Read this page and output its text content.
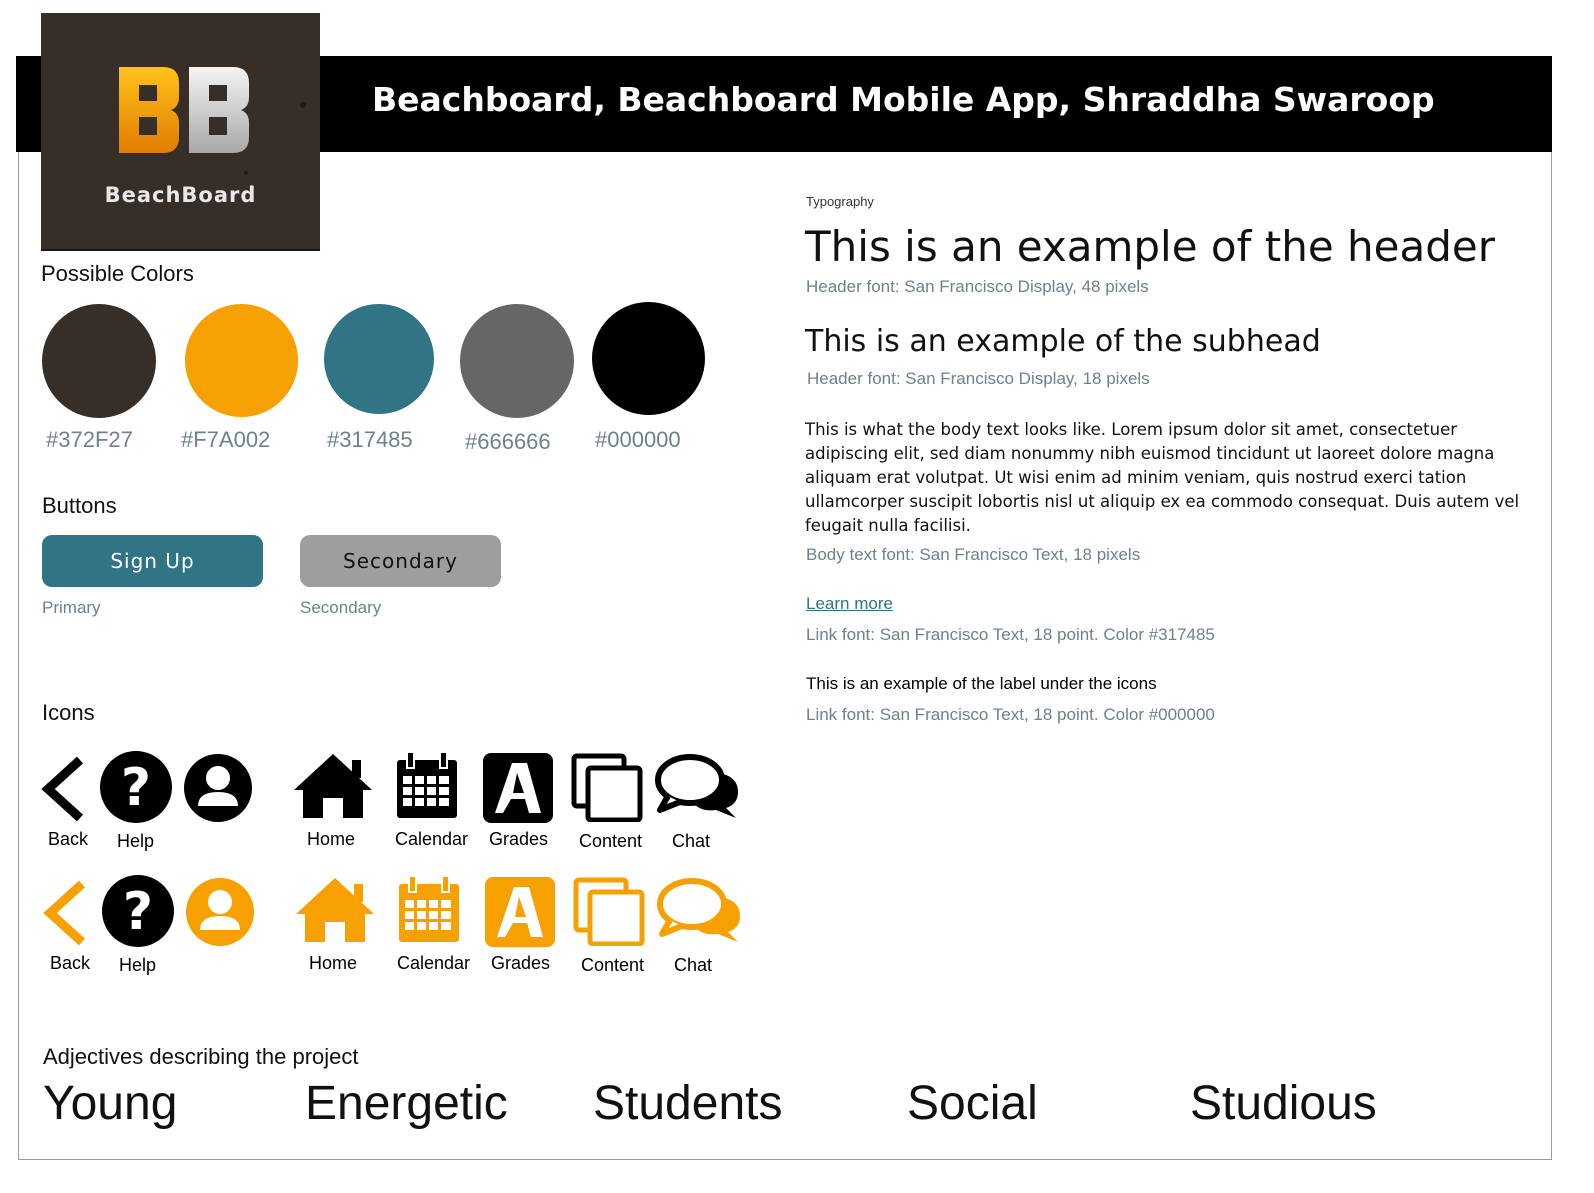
Beachboard, Beachboard Mobile App, Shraddha Swaroop
BeachBoard
Possible Colors
#372F27 #F7A002	#317485 #666666 #000000
Buttons
Sign Up	Secondary
Primary	Secondary
Icons
?
Back Help	Home Calendar Grades Content Chat
?
Back Help	Home Calendar Grades Content Chat
Typography
This is an example of the header
Header font: San Francisco Display, 48 pixels
This is an example of the subhead
Header font: San Francisco Display, 18 pixels
This is what the body text looks like. Lorem ipsum dolor sit amet, consectetuer adipiscing elit, sed diam nonummy nibh euismod tincidunt ut laoreet dolore magna aliquam erat volutpat. Ut wisi enim ad minim veniam, quis nostrud exerci tation ullamcorper suscipit lobortis nisl ut aliquip ex ea commodo consequat. Duis autem vel feugait nulla facilisi.
Body text font: San Francisco Text, 18 pixels
Learn more
Link font: San Francisco Text, 18 point. Color #317485
This is an example of the label under the icons
Link font: San Francisco Text, 18 point. Color #000000
Adjectives describing the project
Young	Energetic Students	Social	Studious
